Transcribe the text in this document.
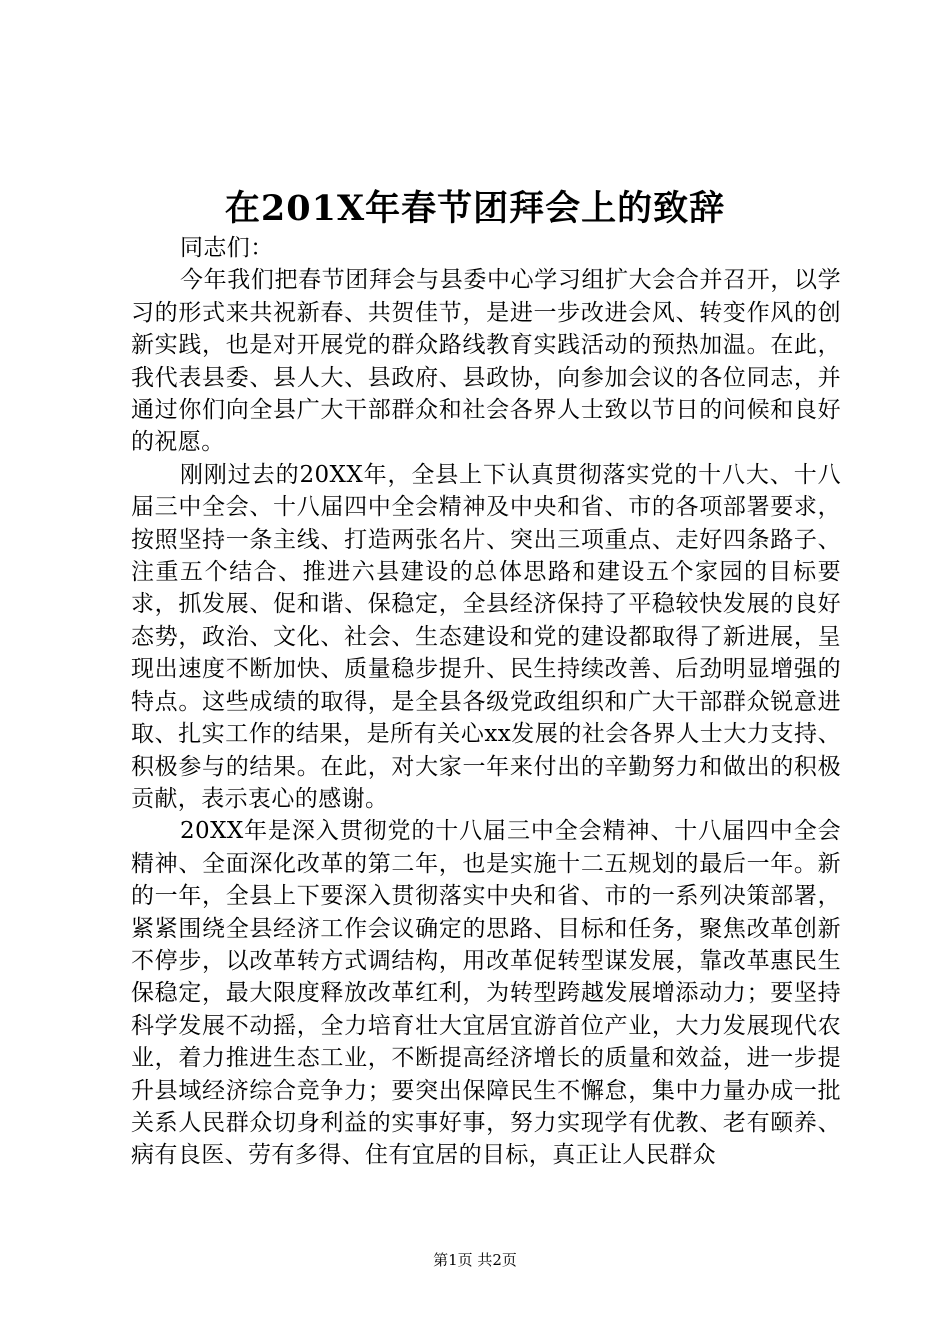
在201X年春节团拜会上的致辞

同志们：

今年我们把春节团拜会与县委中心学习组扩大会合并召开，以学习的形式来共祝新春、共贺佳节，是进一步改进会风、转变作风的创新实践，也是对开展党的群众路线教育实践活动的预热加温。在此，我代表县委、县人大、县政府、县政协，向参加会议的各位同志，并通过你们向全县广大干部群众和社会各界人士致以节日的问候和良好的祝愿。

刚刚过去的20XX年，全县上下认真贯彻落实党的十八大、十八届三中全会、十八届四中全会精神及中央和省、市的各项部署要求，按照坚持一条主线、打造两张名片、突出三项重点、走好四条路子、注重五个结合、推进六县建设的总体思路和建设五个家园的目标要求，抓发展、促和谐、保稳定，全县经济保持了平稳较快发展的良好态势，政治、文化、社会、生态建设和党的建设都取得了新进展，呈现出速度不断加快、质量稳步提升、民生持续改善、后劲明显增强的特点。这些成绩的取得，是全县各级党政组织和广大干部群众锐意进取、扎实工作的结果，是所有关心xx发展的社会各界人士大力支持、积极参与的结果。在此，对大家一年来付出的辛勤努力和做出的积极贡献，表示衷心的感谢。

20XX年是深入贯彻党的十八届三中全会精神、十八届四中全会精神、全面深化改革的第二年，也是实施十二五规划的最后一年。新的一年，全县上下要深入贯彻落实中央和省、市的一系列决策部署，紧紧围绕全县经济工作会议确定的思路、目标和任务，聚焦改革创新不停步，以改革转方式调结构，用改革促转型谋发展，靠改革惠民生保稳定，最大限度释放改革红利，为转型跨越发展增添动力；要坚持科学发展不动摇，全力培育壮大宜居宜游首位产业，大力发展现代农业，着力推进生态工业，不断提高经济增长的质量和效益，进一步提升县域经济综合竞争力；要突出保障民生不懈怠，集中力量办成一批关系人民群众切身利益的实事好事，努力实现学有优教、老有颐养、病有良医、劳有多得、住有宜居的目标，真正让人民群众

第1页 共2页
